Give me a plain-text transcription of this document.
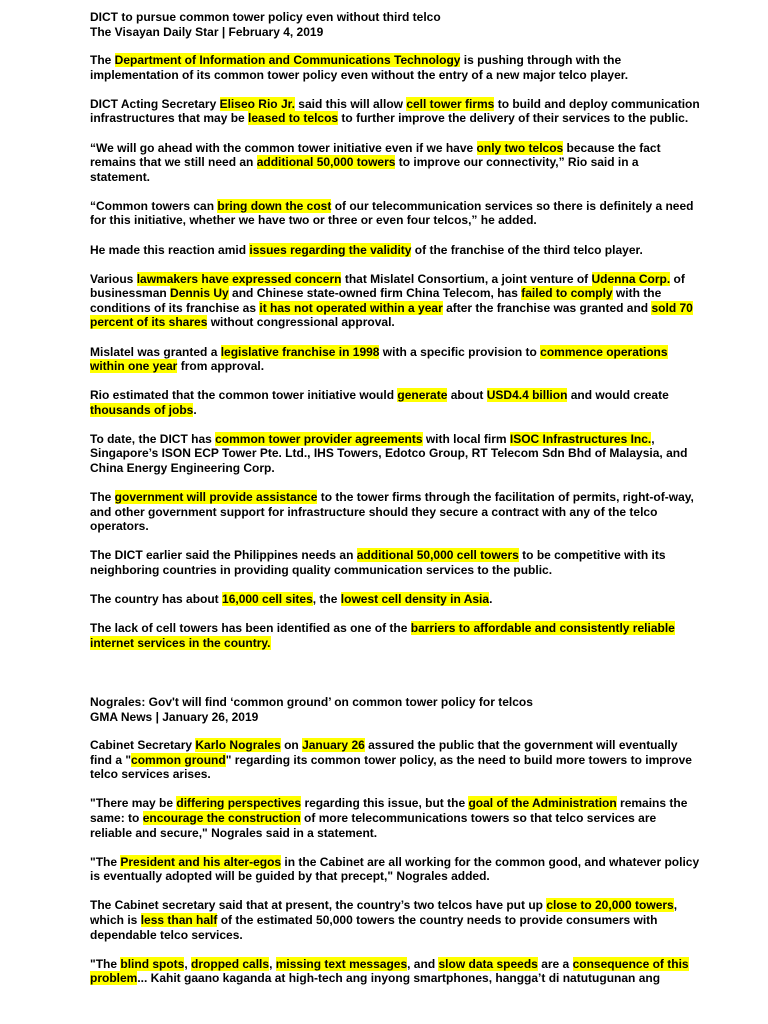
DICT to pursue common tower policy even without third telco
The Visayan Daily Star | February 4, 2019

The Department of Information and Communications Technology is pushing through with the implementation of its common tower policy even without the entry of a new major telco player.

DICT Acting Secretary Eliseo Rio Jr. said this will allow cell tower firms to build and deploy communication infrastructures that may be leased to telcos to further improve the delivery of their services to the public.

“We will go ahead with the common tower initiative even if we have only two telcos because the fact remains that we still need an additional 50,000 towers to improve our connectivity,” Rio said in a statement.

“Common towers can bring down the cost of our telecommunication services so there is definitely a need for this initiative, whether we have two or three or even four telcos,” he added.

He made this reaction amid issues regarding the validity of the franchise of the third telco player.

Various lawmakers have expressed concern that Mislatel Consortium, a joint venture of Udenna Corp. of businessman Dennis Uy and Chinese state-owned firm China Telecom, has failed to comply with the conditions of its franchise as it has not operated within a year after the franchise was granted and sold 70 percent of its shares without congressional approval.

Mislatel was granted a legislative franchise in 1998 with a specific provision to commence operations within one year from approval.

Rio estimated that the common tower initiative would generate about USD4.4 billion and would create thousands of jobs.

To date, the DICT has common tower provider agreements with local firm ISOC Infrastructures Inc., Singapore’s ISON ECP Tower Pte. Ltd., IHS Towers, Edotco Group, RT Telecom Sdn Bhd of Malaysia, and China Energy Engineering Corp.

The government will provide assistance to the tower firms through the facilitation of permits, right-of-way, and other government support for infrastructure should they secure a contract with any of the telco operators.

The DICT earlier said the Philippines needs an additional 50,000 cell towers to be competitive with its neighboring countries in providing quality communication services to the public.

The country has about 16,000 cell sites, the lowest cell density in Asia.

The lack of cell towers has been identified as one of the barriers to affordable and consistently reliable internet services in the country.

Nograles: Gov't will find ‘common ground’ on common tower policy for telcos
GMA News | January 26, 2019

Cabinet Secretary Karlo Nograles on January 26 assured the public that the government will eventually find a "common ground" regarding its common tower policy, as the need to build more towers to improve telco services arises.

"There may be differing perspectives regarding this issue, but the goal of the Administration remains the same: to encourage the construction of more telecommunications towers so that telco services are reliable and secure," Nograles said in a statement.

"The President and his alter-egos in the Cabinet are all working for the common good, and whatever policy is eventually adopted will be guided by that precept," Nograles added.

The Cabinet secretary said that at present, the country’s two telcos have put up close to 20,000 towers, which is less than half of the estimated 50,000 towers the country needs to provide consumers with dependable telco services.

"The blind spots, dropped calls, missing text messages, and slow data speeds are a consequence of this problem... Kahit gaano kaganda at high-tech ang inyong smartphones, hangga’t di natutugunan ang
